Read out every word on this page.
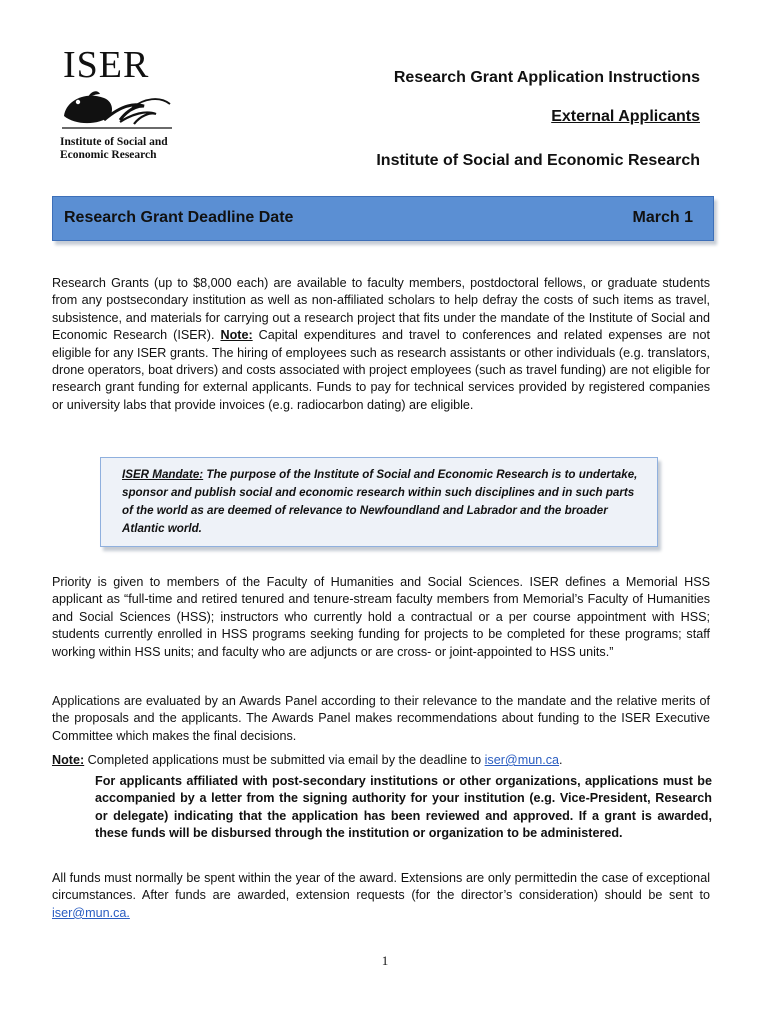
ISER
Institute of Social and
Economic Research
Research Grant Application Instructions
External Applicants
Institute of Social and Economic Research
Research Grant Deadline Date	March 1

Research Grants (up to $8,000 each) are available to faculty members, postdoctoral fellows, or graduate students from any postsecondary institution as well as non-affiliated scholars to help defray the costs of such items as travel, subsistence, and materials for carrying out a research project that fits under the mandate of the Institute of Social and Economic Research (ISER). Note: Capital expenditures and travel to conferences and related expenses are not eligible for any ISER grants. The hiring of employees such as research assistants or other individuals (e.g. translators, drone operators, boat drivers) and costs associated with project employees (such as travel funding) are not eligible for research grant funding for external applicants. Funds to pay for technical services provided by registered companies or university labs that provide invoices (e.g. radiocarbon dating) are eligible.

ISER Mandate: The purpose of the Institute of Social and Economic Research is to undertake, sponsor and publish social and economic research within such disciplines and in such parts of the world as are deemed of relevance to Newfoundland and Labrador and the broader Atlantic world.

Priority is given to members of the Faculty of Humanities and Social Sciences. ISER defines a Memorial HSS applicant as “full-time and retired tenured and tenure-stream faculty members from Memorial’s Faculty of Humanities and Social Sciences (HSS); instructors who currently hold a contractual or a per course appointment with HSS; students currently enrolled in HSS programs seeking funding for projects to be completed for these programs; staff working within HSS units; and faculty who are adjuncts or are cross- or joint-appointed to HSS units.”

Applications are evaluated by an Awards Panel according to their relevance to the mandate and the relative merits of the proposals and the applicants. The Awards Panel makes recommendations about funding to the ISER Executive Committee which makes the final decisions.

Note: Completed applications must be submitted via email by the deadline to iser@mun.ca.

For applicants affiliated with post-secondary institutions or other organizations, applications must be accompanied by a letter from the signing authority for your institution (e.g. Vice-President, Research or delegate) indicating that the application has been reviewed and approved. If a grant is awarded, these funds will be disbursed through the institution or organization to be administered.

All funds must normally be spent within the year of the award. Extensions are only permittedin the case of exceptional circumstances. After funds are awarded, extension requests (for the director’s consideration) should be sent to iser@mun.ca.

1
